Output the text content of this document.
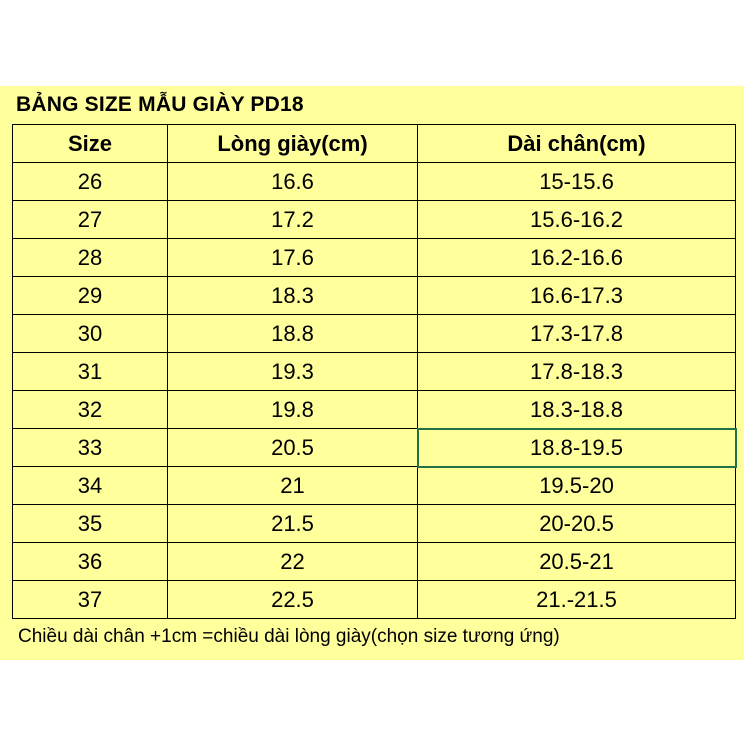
BẢNG SIZE MẪU GIÀY PD18
Size	Lòng giày(cm)	Dài chân(cm)
26	16.6	15-15.6
27	17.2	15.6-16.2
28	17.6	16.2-16.6
29	18.3	16.6-17.3
30	18.8	17.3-17.8
31	19.3	17.8-18.3
32	19.8	18.3-18.8
33	20.5	18.8-19.5
34	21	19.5-20
35	21.5	20-20.5
36	22	20.5-21
37	22.5	21.-21.5
Chiều dài chân +1cm =chiều dài lòng giày(chọn size tương ứng)
